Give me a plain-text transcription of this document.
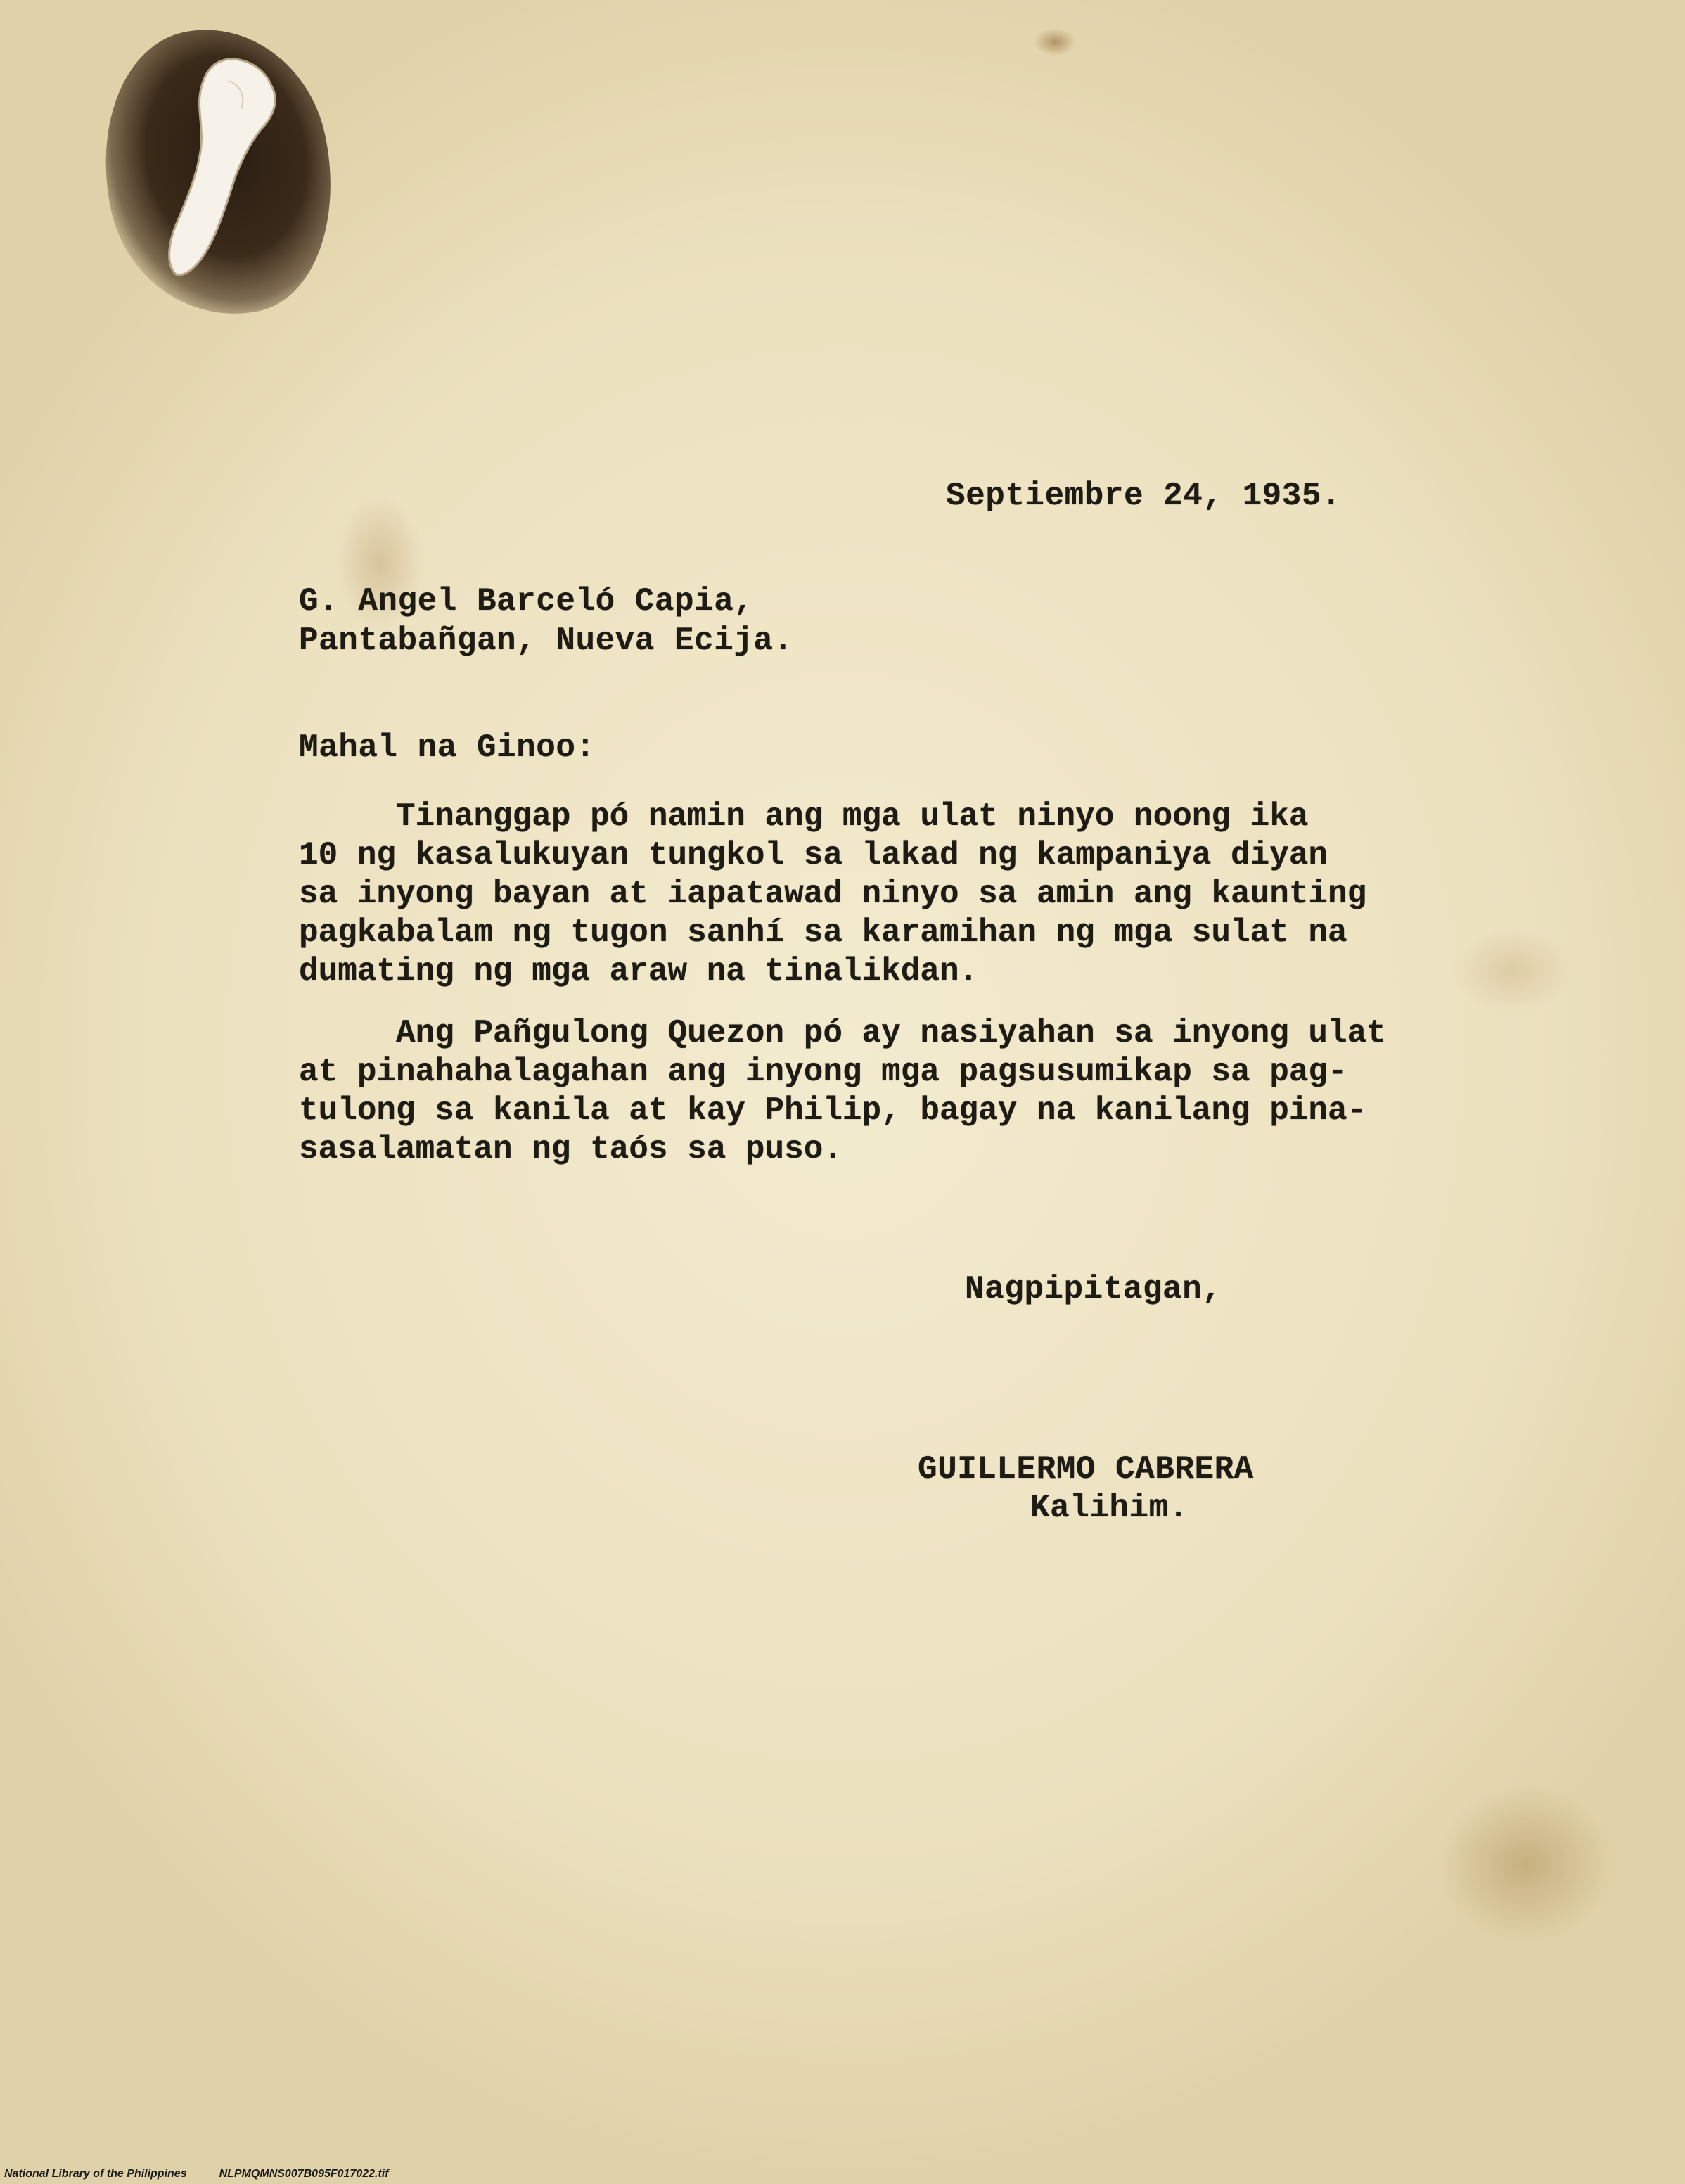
Septiembre 24, 1935.
G. Angel Barceló Capia,
Pantabañgan, Nueva Ecija.
Mahal na Ginoo:
Tinanggap pó namin ang mga ulat ninyo noong ika
10 ng kasalukuyan tungkol sa lakad ng kampaniya diyan
sa inyong bayan at iapatawad ninyo sa amin ang kaunting
pagkabalam ng tugon sanhí sa karamihan ng mga sulat na
dumating ng mga araw na tinalikdan.
Ang Pañgulong Quezon pó ay nasiyahan sa inyong ulat
at pinahahalagahan ang inyong mga pagsusumikap sa pag-
tulong sa kanila at kay Philip, bagay na kanilang pina-
sasalamatan ng taós sa puso.
Nagpipitagan,
GUILLERMO CABRERA
Kalihim.
National Library of the Philippines	NLPMQMNS007B095F017022.tif
